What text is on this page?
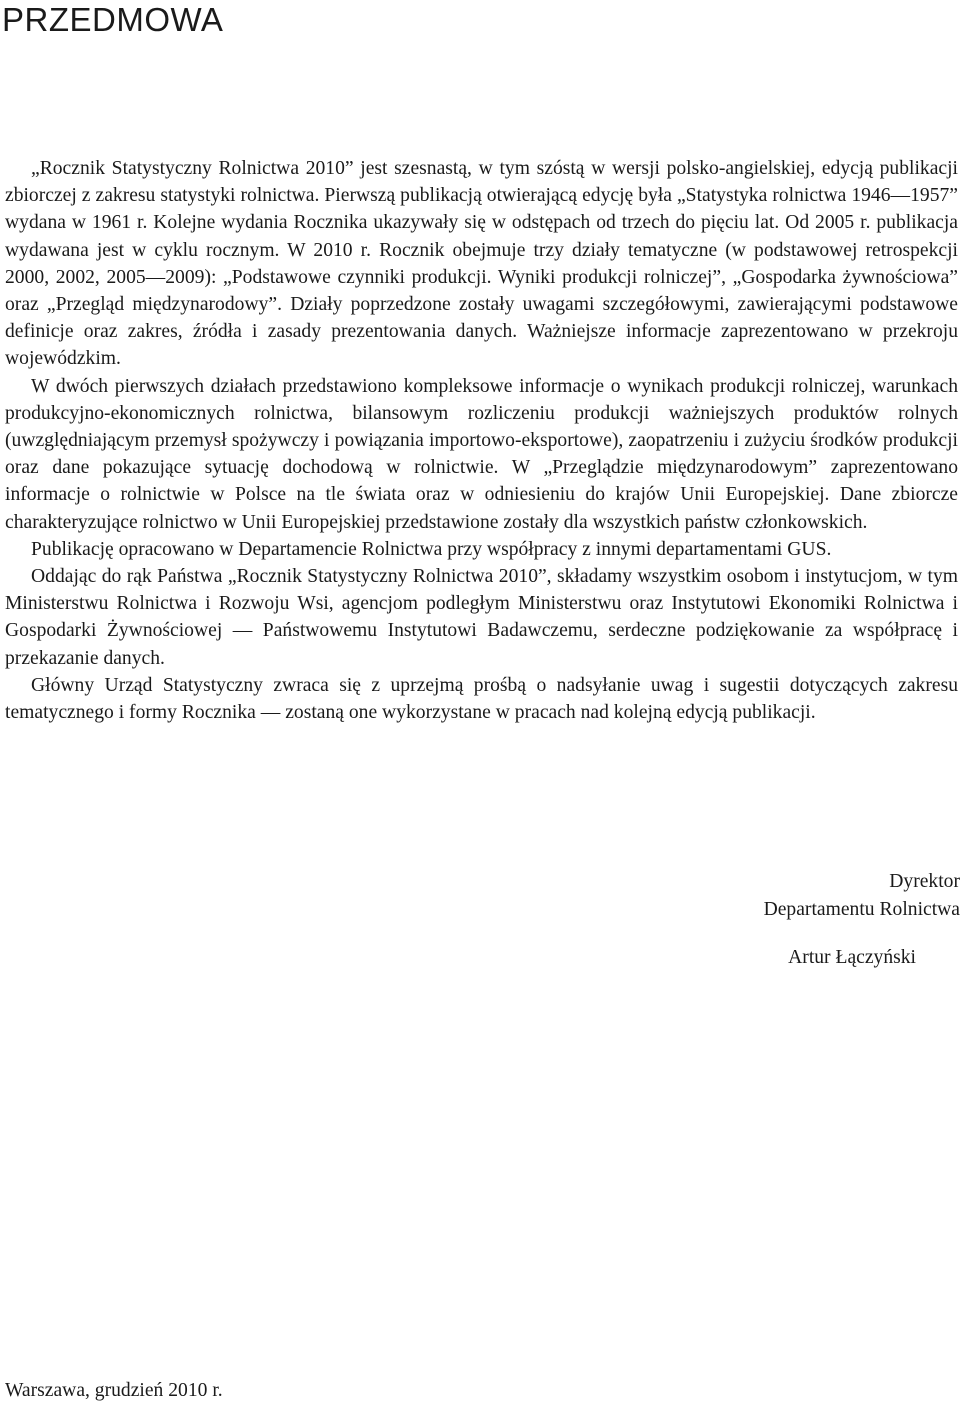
PRZEDMOWA

„Rocznik Statystyczny Rolnictwa 2010” jest szesnastą, w tym szóstą w wersji polsko-angielskiej, edycją publikacji zbiorczej z zakresu statystyki rolnictwa. Pierwszą publikacją otwierającą edycję była „Statystyka rolnictwa 1946—1957” wydana w 1961 r. Kolejne wydania Rocznika ukazywały się w odstępach od trzech do pięciu lat. Od 2005 r. publikacja wydawana jest w cyklu rocznym. W 2010 r. Rocznik obejmuje trzy działy tematyczne (w podstawowej retrospekcji 2000, 2002, 2005—2009): „Podstawowe czynniki produkcji. Wyniki produkcji rolniczej”, „Gospodarka żywnościowa” oraz „Przegląd międzynarodowy”. Działy poprzedzone zostały uwagami szczegółowymi, zawierającymi podstawowe definicje oraz zakres, źródła i zasady prezentowania danych. Ważniejsze informacje zaprezentowano w przekroju wojewódzkim.

W dwóch pierwszych działach przedstawiono kompleksowe informacje o wynikach produkcji rolniczej, warunkach produkcyjno-ekonomicznych rolnictwa, bilansowym rozliczeniu produkcji ważniejszych produktów rolnych (uwzględniającym przemysł spożywczy i powiązania importowo-eksportowe), zaopatrzeniu i zużyciu środków produkcji oraz dane pokazujące sytuację dochodową w rolnictwie. W „Przeglądzie międzynarodowym” zaprezentowano informacje o rolnictwie w Polsce na tle świata oraz w odniesieniu do krajów Unii Europejskiej. Dane zbiorcze charakteryzujące rolnictwo w Unii Europejskiej przedstawione zostały dla wszystkich państw członkowskich.

Publikację opracowano w Departamencie Rolnictwa przy współpracy z innymi departamentami GUS.

Oddając do rąk Państwa „Rocznik Statystyczny Rolnictwa 2010”, składamy wszystkim osobom i instytucjom, w tym Ministerstwu Rolnictwa i Rozwoju Wsi, agencjom podległym Ministerstwu oraz Instytutowi Ekonomiki Rolnictwa i Gospodarki Żywnościowej — Państwowemu Instytutowi Badawczemu, serdeczne podziękowanie za współpracę i przekazanie danych.

Główny Urząd Statystyczny zwraca się z uprzejmą prośbą o nadsyłanie uwag i sugestii dotyczących zakresu tematycznego i formy Rocznika — zostaną one wykorzystane w pracach nad kolejną edycją publikacji.

Dyrektor
Departamentu Rolnictwa
Artur Łączyński
Warszawa, grudzień 2010 r.
